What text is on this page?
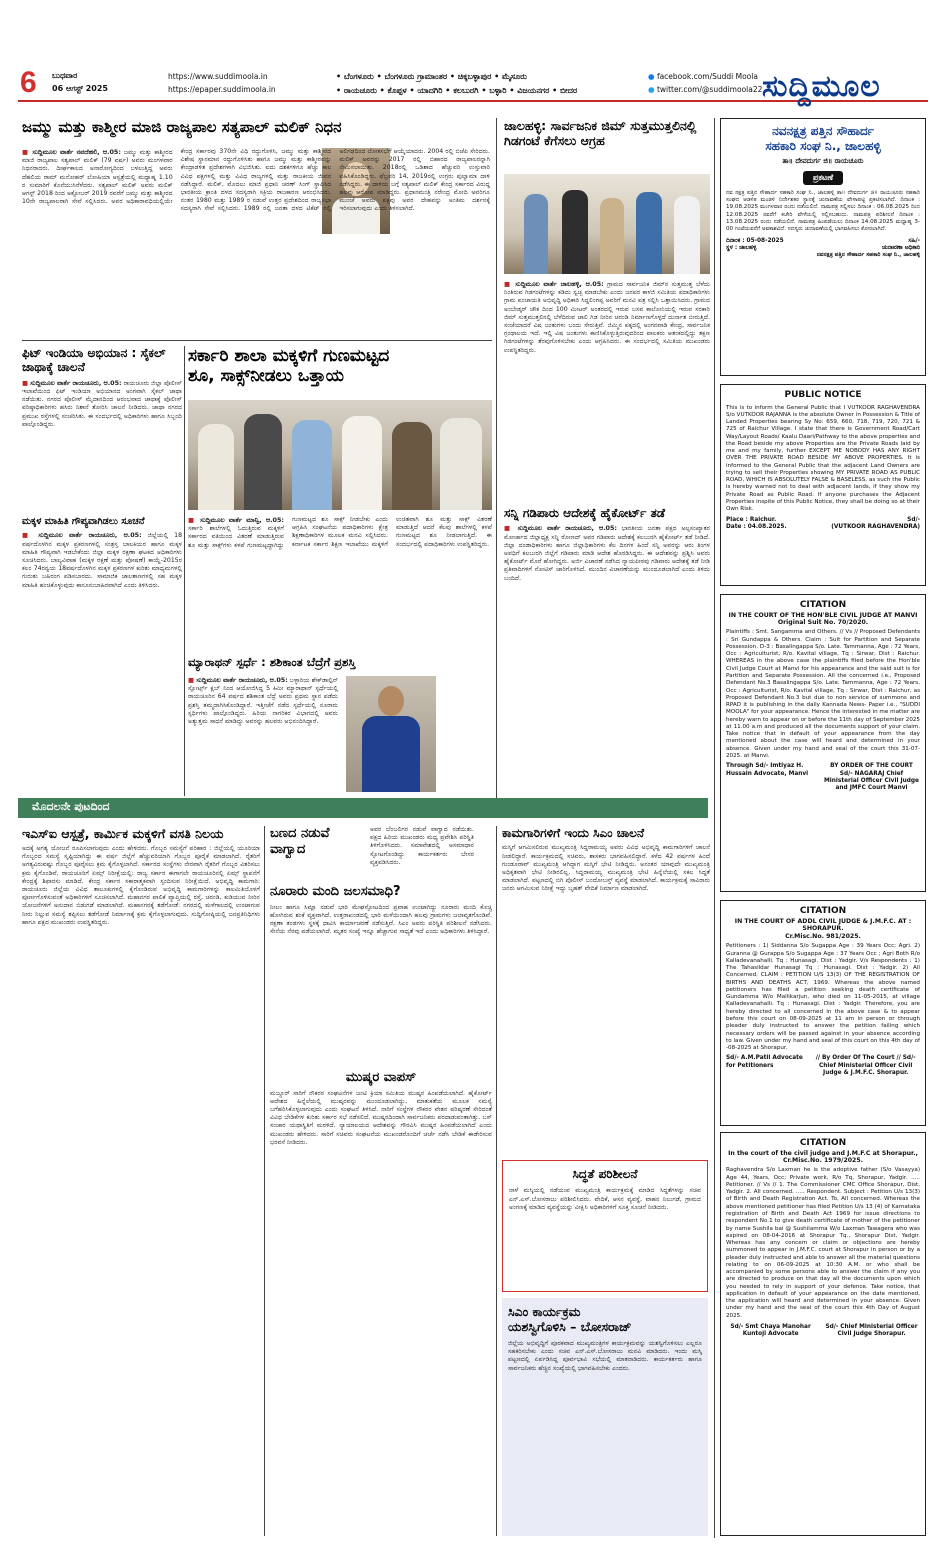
6 ಬುಧವಾರ
06 ಆಗಸ್ಟ್ 2025
https://www.suddimoola.in
https://epaper.suddimoola.in
• ಬೆಂಗಳೂರು • ಬೆಂಗಳೂರು ಗ್ರಾಮಾಂತರ • ಚಿಕ್ಕಬಳ್ಳಾಪುರ • ಮೈಸೂರು
• ರಾಯಚೂರು • ಕೊಪ್ಪಳ • ಯಾದಗಿರಿ • ಕಲಬುರಗಿ • ಬಳ್ಳಾರಿ • ವಿಜಯನಗರ • ಬೀದರ
● facebook.com/Suddi Moola
● twitter.com/@suddimoola22 ಸುದ್ದಿಮೂಲ
ಜಮ್ಮು ಮತ್ತು ಕಾಶ್ಮೀರ ಮಾಜಿ ರಾಜ್ಯಪಾಲ ಸತ್ಯಪಾಲ್ ಮಲಿಕ್ ನಿಧನ
■ ಸುದ್ದಿಮೂಲ ವಾರ್ತೆ ನವದೆಹಲಿ, ಆ.05: ಜಮ್ಮು ಮತ್ತು ಕಾಶ್ಮೀರದ ಮಾಜಿ ರಾಜ್ಯಪಾಲ ಸತ್ಯಪಾಲ್ ಮಲಿಕ್ (79 ವರ್ಷ) ಅವರು ಮಂಗಳವಾರ ನಿಧನರಾದರು. ದೀರ್ಘಕಾಲದ ಅನಾರೋಗ್ಯದಿಂದ ಬಳಲುತ್ತಿದ್ದ ಅವರು ದೆಹಲಿಯ ರಾಮ್ ಮನೋಹರ್ ಲೋಹಿಯಾ ಆಸ್ಪತ್ರೆಯಲ್ಲಿ ಮಧ್ಯಾಹ್ನ 1.10 ರ ಸುಮಾರಿಗೆ ಕೊನೆಯುಸಿರೆಳೆದರು. ಸತ್ಯಪಾಲ್ ಮಲಿಕ್ ಅವರು ಮಲಿಕ್ ಆಗಸ್ಟ್ 2018 ರಿಂದ ಅಕ್ಟೋಬರ್ 2019 ರವರೆಗೆ ಜಮ್ಮು ಮತ್ತು ಕಾಶ್ಮೀರದ 10ನೇ ರಾಜ್ಯಪಾಲರಾಗಿ ಸೇವೆ ಸಲ್ಲಿಸಿದರು. ಅವರ ಅಧಿಕಾರಾವಧಿಯಲ್ಲಿಯೇ ಕೇಂದ್ರ ಸರ್ಕಾರವು 370ನೇ ವಿಧಿ ರದ್ದುಗೊಳಿಸಿ, ಜಮ್ಮು ಮತ್ತು ಕಾಶ್ಮೀರದ ವಿಶೇಷ ಸ್ಥಾನಮಾನ ರದ್ದುಗೊಳಿಸಿತು ಹಾಗೂ ಜಮ್ಮು ಮತ್ತು ಕಾಶ್ಮೀರವನ್ನು ಕೇಂದ್ರಾಡಳಿತ ಪ್ರದೇಶಗಳಾಗಿ ವಿಭಜಿಸಿತು. ಐದು ದಶಕಗಳಿಗೂ ಹೆಚ್ಚು ಕಾಲ ವಿವಿಧ ಪಕ್ಷಗಳಲ್ಲಿ ಮತ್ತು ವಿವಿಧ ರಾಜ್ಯಗಳಲ್ಲಿ ಮತ್ತು ರಾಜಕೀಯ ಜೀವನ ನಡೆಸಿದ್ದಾರೆ. ಮಲಿಕ್, ಮೊದಲು ಮಾಜಿ ಪ್ರಧಾನಿ ಚರಣ್ ಸಿಂಗ್ ಸ್ಥಾಪಿಸಿದ ಭಾರತೀಯ ಕ್ರಾಂತಿ ದಳದ ಸದಸ್ಯರಾಗಿ ಸಕ್ರಿಯ ರಾಜಕಾರಣ ಆರಂಭಿಸಿದರು. ನಂತರ 1980 ಮತ್ತು 1989 ರ ನಡುವೆ ಉತ್ತರ ಪ್ರದೇಶದಿಂದ ರಾಜ್ಯಸಭಾ ಸದಸ್ಯರಾಗಿ ಸೇವೆ ಸಲ್ಲಿಸಿದರು. 1989 ರಲ್ಲಿ ಜನತಾ ದಳದ ಟಿಕೆಟ್ ನಲ್ಲಿ ಅಲಿಗಢದಿಂದ ಲೋಕಸಭೆಗೆ ಆಯ್ಕೆಯಾದರು. 2004 ರಲ್ಲಿ ಬಿಜೆಪಿ ಸೇರಿದರು. ಮಲಿಕ್ ಅವರನ್ನು 2017 ರಲ್ಲಿ ಬಿಹಾರದ ರಾಜ್ಯಪಾಲರನ್ನಾಗಿ ನೇಮಿಸಲಾಯಿತು. 2018ರಲ್ಲಿ ಒಡಿಶಾದ ಹೆಚ್ಚುವರಿ ಉಸ್ತುವಾರಿ ವಹಿಸಿಕೊಂಡಿದ್ದರು. ಫೆಬ್ರವರಿ 14, 2019ರಲ್ಲಿ ಉಗ್ರರು ಪುಲ್ವಾಮಾ ದಾಳಿ ನಡೆಸಿದ್ದರು. ಈ ದಾಳಿಯ ಬಗ್ಗೆ ಸತ್ಯಪಾಲ್ ಮಲಿಕ್ ಕೇಂದ್ರ ಸರ್ಕಾರದ ವಿರುದ್ಧ ಹಲವು ಆರೋಪ ಮಾಡಿದ್ದರು. ಪ್ರಧಾನಮಂತ್ರಿ ನರೇಂದ್ರ ಮೋದಿ ಅವರಿಗೂ ಮುಂಚೆ ಅವರು ಪಕ್ಷವು ಅವರ ದೇಹವನ್ನು ಅಂತಿಮ ದರ್ಶನಕ್ಕೆ ಇರಿಸಲಾಗುವುದು ಎಂದು ತಿಳಿಸಲಾಗಿದೆ.
ಜಾಲಹಳ್ಳಿ: ಸಾರ್ವಜನಿಕ ಜಿಮ್ ಸುತ್ತಮುತ್ತಲಿನಲ್ಲಿ ಗಿಡಗಂಟೆ ಕೆಗೆಸಲು ಆಗ್ರಹ
■ ಸುದ್ದಿಮೂಲ ವಾರ್ತೆ ಜಾಲಹಳ್ಳಿ, ಆ.05: ಗ್ರಾಮದ ಸಾರ್ವಜನಿಕ ಜಿಮ್‌ನ ಸುತ್ತಮುತ್ತ ಬೆಳೆದು ನಿಂತಿರುವ ಗಿಡಗಂಟೆಗಳನ್ನು ಕಡಿದು ಸ್ವಚ್ಛ ಮಾಡಬೇಕು ಎಂದು ಜನಪರ ಕಾಳಜಿ ಸಮಿತಿಯ ಪದಾಧಿಕಾರಿಗಳು ಗ್ರಾಮ ಪಂಚಾಯತಿ ಅಭಿವೃದ್ಧಿ ಅಧಿಕಾರಿ ಸಿದ್ದಲಿಂಗಪ್ಪ ಅವರಿಗೆ ಮನವಿ ಪತ್ರ ಸಲ್ಲಿಸಿ ಒತ್ತಾಯಿಸಿದರು. ಗ್ರಾಮದ ಅಂಬೇಡ್ಕರ್ ಚೌಕ ದಿಂದ 100 ಮೀಟರ್ ಅಂತರದಲ್ಲಿ ಇರುವ ಬಸವ ಕಾಲೋನಿಯಲ್ಲಿ ಇರುವ ಸರಕಾರಿ ಜಿಮ್ ಸುತ್ತಮುತ್ತಲಿನಲ್ಲಿ ಬೆಳೆದಿರುವ ಜಾಲಿ ಗಿಡ ನೀರಿನ ಚರಂಡಿ ನಿರ್ಮಾಣಗೊಳ್ಳದೆ ದುರ್ನಾತ ಬೀರುತ್ತಿದೆ. ಸಂಜೆಯಾದರೆ ವಿಷ ಜಂತುಗಳು ಬಂದು ಸೇರುತ್ತಿವೆ. ಜಿಮ್ಮಿನ ಪಕ್ಕದಲ್ಲಿ ಅಂಗನವಾಡಿ ಕೇಂದ್ರ, ಸಾರ್ವಜನಿಕ ಗ್ರಂಥಾಲಯ ಇದೆ. ಇಲ್ಲಿ ವಿಷ ಜಂತುಗಳು ಕಾಣಿಸಿಕೊಳ್ಳುತ್ತಿರುವುದರಿಂದ ಪಾಲಕರು ಆತಂಕದಲ್ಲಿದ್ದು ತಕ್ಷಣ ಗಿಡಗಂಟೆಗಳನ್ನು ತೆರವುಗೊಳಿಸಬೇಕು ಎಂದು ಆಗ್ರಹಿಸಿದರು. ಈ ಸಂದರ್ಭದಲ್ಲಿ ಸಮಿತಿಯ ಮುಖಂಡರು ಉಪಸ್ಥಿತರಿದ್ದರು.
ಫಿಟ್ ಇಂಡಿಯಾ ಅಭಿಯಾನ : ಸೈಕಲ್ ಜಾಥಾಕ್ಕೆ ಚಾಲನೆ
■ ಸುದ್ದಿಮೂಲ ವಾರ್ತೆ ರಾಯಚೂರು, ಆ.05: ರಾಯಚೂರು ಜಿಲ್ಲಾ ಪೊಲೀಸ್ ಇಲಾಖೆಯಿಂದ ಫಿಟ್ ಇಂಡಿಯಾ ಅಭಿಯಾನದ ಅಂಗವಾಗಿ ಸೈಕಲ್ ಜಾಥಾ ನಡೆಯಿತು. ನಗರದ ಪೊಲೀಸ್ ಮೈದಾನದಿಂದ ಆರಂಭವಾದ ಜಾಥಾಕ್ಕೆ ಪೊಲೀಸ್ ವರಿಷ್ಠಾಧಿಕಾರಿಗಳು ಹಸಿರು ನಿಶಾನೆ ತೋರಿಸಿ ಚಾಲನೆ ನೀಡಿದರು. ಜಾಥಾ ನಗರದ ಪ್ರಮುಖ ರಸ್ತೆಗಳಲ್ಲಿ ಸಂಚರಿಸಿತು. ಈ ಸಂದರ್ಭದಲ್ಲಿ ಅಧಿಕಾರಿಗಳು ಹಾಗೂ ಸಿಬ್ಬಂದಿ ಪಾಲ್ಗೊಂಡಿದ್ದರು.
ಸರ್ಕಾರಿ ಶಾಲಾ ಮಕ್ಕಳಿಗೆ ಗುಣಮಟ್ಟದ
ಶೂ, ಸಾಕ್ಸ್‌ನೀಡಲು ಒತ್ತಾಯ
■ ಸುದ್ದಿಮೂಲ ವಾರ್ತೆ ಮಾನ್ವಿ, ಆ.05: ಸರ್ಕಾರಿ ಶಾಲೆಗಳಲ್ಲಿ ಓದುತ್ತಿರುವ ಮಕ್ಕಳಿಗೆ ಸರ್ಕಾರದ ವತಿಯಿಂದ ವಿತರಣೆ ಮಾಡುತ್ತಿರುವ ಶೂ ಮತ್ತು ಸಾಕ್ಸ್‌ಗಳು ಕಳಪೆ ಗುಣಮಟ್ಟದ್ದಾಗಿದ್ದು ಗುಣಮಟ್ಟದ ಶೂ ಸಾಕ್ಸ್ ನೀಡಬೇಕು ಎಂದು ಆಗ್ರಹಿಸಿ ಸಂಘಟನೆಯ ಪದಾಧಿಕಾರಿಗಳು ಕ್ಷೇತ್ರ ಶಿಕ್ಷಣಾಧಿಕಾರಿಗಳ ಮೂಲಕ ಮನವಿ ಸಲ್ಲಿಸಿದರು. ಕರ್ನಾಟಕ ಸರ್ಕಾರ ಶಿಕ್ಷಣ ಇಲಾಖೆಯು ಮಕ್ಕಳಿಗೆ ಉಚಿತವಾಗಿ ಶೂ ಮತ್ತು ಸಾಕ್ಸ್ ವಿತರಣೆ ಮಾಡುತ್ತಿದೆ ಆದರೆ ಕೆಲವು ಶಾಲೆಗಳಲ್ಲಿ ಕಳಪೆ ಗುಣಮಟ್ಟದ ಶೂ ನೀಡಲಾಗುತ್ತಿದೆ. ಈ ಸಂದರ್ಭದಲ್ಲಿ ಪದಾಧಿಕಾರಿಗಳು ಉಪಸ್ಥಿತರಿದ್ದರು.
ಮಕ್ಕಳ ಮಾಹಿತಿ ಗೌಪ್ಯವಾಗಿಡಲು ಸೂಚನೆ
■ ಸುದ್ದಿಮೂಲ ವಾರ್ತೆ ರಾಯಚೂರು, ಆ.05: ಜಿಲ್ಲೆಯಲ್ಲಿ 18 ವರ್ಷದೊಳಗಿನ ಮಕ್ಕಳ ಪ್ರಕರಣಗಳಲ್ಲಿ ಸಂತ್ರಸ್ತ ಬಾಲಕಿಯರ ಹಾಗೂ ಮಕ್ಕಳ ಮಾಹಿತಿ ಗೌಪ್ಯವಾಗಿ ಇಡಬೇಕೆಂದು ಜಿಲ್ಲಾ ಮಕ್ಕಳ ರಕ್ಷಣಾ ಘಟಕದ ಅಧಿಕಾರಿಗಳು ಸೂಚಿಸಿದರು. ಬಾಲ್ಯವಿವಾಹ (ಮಕ್ಕಳ ರಕ್ಷಣೆ ಮತ್ತು ಪೋಷಣೆ) ಕಾಯ್ದೆ-2015ರ ಕಲಂ 74ರನ್ವಯ 18ವರ್ಷದೊಳಗಿನ ಮಕ್ಕಳ ಪ್ರಕರಣಗಳ ಕುರಿತು ಮಾಧ್ಯಮಗಳಲ್ಲಿ ಗುರುತು ಬಹಿರಂಗ ಪಡಿಸಬಾರದು. ಸಾಮಾಜಿಕ ಜಾಲತಾಣಗಳಲ್ಲಿ ಸಹ ಮಕ್ಕಳ ಮಾಹಿತಿ ಹಂಚಿಕೊಳ್ಳುವುದು ಕಾನೂನುಬಾಹಿರವಾಗಿದೆ ಎಂದು ತಿಳಿಸಿದರು.
ಮ್ಯಾರಾಥನ್ ಸ್ಪರ್ಧೆ : ಶಶಿಕಾಂತ ಬೆದ್ರೆಗೆ ಪ್ರಶಸ್ತಿ
■ ಸುದ್ದಿಮೂಲ ವಾರ್ತೆ ರಾಯಚೂರು, ಆ.05: ಬಳ್ಳಾರಿಯ ಶೇಕ್‌ಡಾಲ್ಫಿನ್ ಸ್ಪೋರ್ಟ್ಸ್ ಕ್ಲಬ್ ನಿಂದ ಆಯೋಜಿಸಿದ್ದ 5 ಕಿಮೀ ಮ್ಯಾರಾಥಾನ್ ಸ್ಪರ್ಧೆಯಲ್ಲಿ ರಾಯಚೂರಿನ 64 ವರ್ಷದ ಶಶಿಕಾಂತ ಬೆದ್ರೆ ಅವರು ಪ್ರಥಮ ಸ್ಥಾನ ಪಡೆದು ಪ್ರಶಸ್ತಿ ತಮ್ಮದಾಗಿಸಿಕೊಂಡಿದ್ದಾರೆ. ಇತ್ತೀಚೆಗೆ ನಡೆದ ಸ್ಪರ್ಧೆಯಲ್ಲಿ ನೂರಾರು ಸ್ಪರ್ಧಿಗಳು ಪಾಲ್ಗೊಂಡಿದ್ದರು. ಹಿರಿಯ ನಾಗರಿಕರ ವಿಭಾಗದಲ್ಲಿ ಅವರು ಅತ್ಯುತ್ತಮ ಸಾಧನೆ ಮಾಡಿದ್ದು ಅವರನ್ನು ಹಲವರು ಅಭಿನಂದಿಸಿದ್ದಾರೆ.
ಸನ್ನಿ ಗಡಿಪಾರು ಆದೇಶಕ್ಕೆ ಹೈಕೋರ್ಟ್ ತಡೆ
■ ಸುದ್ದಿಮೂಲ ವಾರ್ತೆ ರಾಯಚೂರು, ಆ.05: ಭಾರತೀಯ ಜನತಾ ಪಕ್ಷದ ಅಲ್ಪಸಂಖ್ಯಾತರ ಮೋರ್ಚಾದ ಜಿಲ್ಲಾಧ್ಯಕ್ಷ ಸನ್ನಿ ರೋಣದ್ ಅವರ ಗಡಿಪಾರು ಆದೇಶಕ್ಕೆ ಕಲಬುರಗಿ ಹೈಕೋರ್ಟ್ ತಡೆ ನೀಡಿದೆ. ಜಿಲ್ಲಾ ದಂಡಾಧಿಕಾರಿಗಳು ಹಾಗೂ ಜಿಲ್ಲಾಧಿಕಾರಿಗಳು ಕೆಲ ದಿನಗಳ ಹಿಂದೆ ಸನ್ನಿ ಅವರನ್ನು ಆರು ತಿಂಗಳ ಅವಧಿಗೆ ಕಲಬುರಗಿ ಜಿಲ್ಲೆಗೆ ಗಡಿಪಾರು ಮಾಡಿ ಆದೇಶ ಹೊರಡಿಸಿದ್ದರು. ಈ ಆದೇಶವನ್ನು ಪ್ರಶ್ನಿಸಿ ಅವರು ಹೈಕೋರ್ಟ್ ಮೊರೆ ಹೋಗಿದ್ದರು. ಅರ್ಜಿ ವಿಚಾರಣೆ ನಡೆಸಿದ ನ್ಯಾಯಪೀಠವು ಗಡಿಪಾರು ಆದೇಶಕ್ಕೆ ತಡೆ ನೀಡಿ ಪ್ರತಿವಾದಿಗಳಿಗೆ ನೋಟಿಸ್ ಜಾರಿಗೊಳಿಸಿದೆ. ಮುಂದಿನ ವಿಚಾರಣೆಯನ್ನು ಮುಂದೂಡಲಾಗಿದೆ ಎಂದು ತಿಳಿದು ಬಂದಿದೆ.
ಮೊದಲನೇ ಪುಟದಿಂದ
ಇಎಸ್‌ಐ ಆಸ್ಪತ್ರೆ, ಕಾರ್ಮಿಕ ಮಕ್ಕಳಿಗೆ ವಸತಿ ನಿಲಯ
ಅದಕ್ಕೆ ಅಗತ್ಯ ಯೋಜನೆ ರೂಪಿಸಲಾಗುವುದು ಎಂದು ಹೇಳಿದರು. ಗೊಬ್ಬರ ಸಮಸ್ಯೆಗೆ ಪರಿಹಾರ : ಜಿಲ್ಲೆಯಲ್ಲಿ ಯೂರಿಯಾ ಗೊಬ್ಬರದ ಸಮಸ್ಯೆ ಸೃಷ್ಟಿಯಾಗಿದ್ದು ಈ ವರ್ಷ ಜಿಲ್ಲೆಗೆ ಹೆಚ್ಚುವರಿಯಾಗಿ ಗೊಬ್ಬರ ಪೂರೈಕೆ ಮಾಡಲಾಗಿದೆ. ರೈತರಿಗೆ ಅಗತ್ಯವಿರುವಷ್ಟು ಗೊಬ್ಬರ ಪೂರೈಸಲು ಕ್ರಮ ಕೈಗೊಳ್ಳಲಾಗಿದೆ. ಸರ್ಕಾರದ ಸಂಸ್ಥೆಗಳು ನೇರವಾಗಿ ರೈತರಿಗೆ ಗೊಬ್ಬರ ವಿತರಿಸಲು ಕ್ರಮ ಕೈಗೊಂಡಿವೆ. ರಾಯಚೂರಿಗೆ ಏಮ್ಸ್ ನಿರೀಕ್ಷೆಯಲ್ಲಿ: ರಾಜ್ಯ ಸರ್ಕಾರ ಈಗಾಗಲೇ ರಾಯಚೂರಿನಲ್ಲಿ ಏಮ್ಸ್ ಸ್ಥಾಪನೆಗೆ ಕೇಂದ್ರಕ್ಕೆ ಶಿಫಾರಸು ಮಾಡಿದೆ. ಕೇಂದ್ರ ಸರ್ಕಾರ ಸಕಾರಾತ್ಮಕವಾಗಿ ಸ್ಪಂದಿಸುವ ನಿರೀಕ್ಷೆಯಿದೆ. ಅಭಿವೃದ್ಧಿ ಕಾಮಗಾರಿ: ರಾಯಚೂರು ಜಿಲ್ಲೆಯ ವಿವಿಧ ತಾಲೂಕುಗಳಲ್ಲಿ ಕೈಗೊಂಡಿರುವ ಅಭಿವೃದ್ಧಿ ಕಾಮಗಾರಿಗಳನ್ನು ಕಾಲಮಿತಿಯೊಳಗೆ ಪೂರ್ಣಗೊಳಿಸುವಂತೆ ಅಧಿಕಾರಿಗಳಿಗೆ ಸೂಚಿಸಲಾಗಿದೆ. ಮಹಾನಗರ ಪಾಲಿಕೆ ವ್ಯಾಪ್ತಿಯಲ್ಲಿ ರಸ್ತೆ, ಚರಂಡಿ, ಕುಡಿಯುವ ನೀರಿನ ಯೋಜನೆಗಳಿಗೆ ಅನುದಾನ ಬಿಡುಗಡೆ ಮಾಡಲಾಗಿದೆ. ಮಹಾನಗರಕ್ಕೆ ತಡೆಗೋಡೆ: ನಗರದಲ್ಲಿ ಮಳೆಗಾಲದಲ್ಲಿ ಉಂಟಾಗುವ ನೀರು ನಿಲ್ಲುವ ಸಮಸ್ಯೆ ತಪ್ಪಿಸಲು ತಡೆಗೋಡೆ ನಿರ್ಮಾಣಕ್ಕೆ ಕ್ರಮ ಕೈಗೊಳ್ಳಲಾಗುವುದು. ಸುದ್ದಿಗೋಷ್ಠಿಯಲ್ಲಿ ಜನಪ್ರತಿನಿಧಿಗಳು ಹಾಗೂ ಪಕ್ಷದ ಮುಖಂಡರು ಉಪಸ್ಥಿತರಿದ್ದರು.
ಬಣದ ನಡುವೆ ವಾಗ್ವಾದ
ಅವರ ಬೆಂಬಲಿಗರ ನಡುವೆ ವಾಗ್ವಾದ ನಡೆಯಿತು. ಪಕ್ಷದ ಹಿರಿಯ ಮುಖಂಡರು ಮಧ್ಯ ಪ್ರವೇಶಿಸಿ ಪರಿಸ್ಥಿತಿ ತಿಳಿಗೊಳಿಸಿದರು. ಸಮಾವೇಶದಲ್ಲಿ ಅಸಮಾಧಾನ ಸ್ಫೋಟಗೊಂಡಿದ್ದು ಕಾರ್ಯಕರ್ತರು ಬೇಸರ ವ್ಯಕ್ತಪಡಿಸಿದರು.
ನೂರಾರು ಮಂದಿ ಜಲಸಮಾಧಿ?
ನೀಲಂ ಹಾಗೂ ಸಿಮ್ಲಾ ನಡುವೆ ಭಾರಿ ಮೇಘಸ್ಫೋಟದಿಂದ ಪ್ರವಾಹ ಉಂಟಾಗಿದ್ದು ನೂರಾರು ಮಂದಿ ಕೊಚ್ಚಿ ಹೋಗಿರುವ ಶಂಕೆ ವ್ಯಕ್ತವಾಗಿದೆ. ಉತ್ತರಾಖಂಡದಲ್ಲಿ ಭಾರಿ ಮಳೆಯಿಂದಾಗಿ ಹಲವು ಗ್ರಾಮಗಳು ಜಲಾವೃತಗೊಂಡಿವೆ. ರಕ್ಷಣಾ ತಂಡಗಳು ಸ್ಥಳಕ್ಕೆ ಧಾವಿಸಿ ಕಾರ್ಯಾಚರಣೆ ನಡೆಸುತ್ತಿವೆ. ಸಿಎಂ ಅವರು ಪರಿಸ್ಥಿತಿ ಪರಿಶೀಲನೆ ನಡೆಸಿದರು. ಸೇನೆಯ ನೆರವು ಪಡೆಯಲಾಗಿದೆ. ಮೃತರ ಸಂಖ್ಯೆ ಇನ್ನೂ ಹೆಚ್ಚಾಗುವ ಸಾಧ್ಯತೆ ಇದೆ ಎಂದು ಅಧಿಕಾರಿಗಳು ತಿಳಿಸಿದ್ದಾರೆ.
ಮುಷ್ಕರ ವಾಪಸ್
ಮಜ್ದೂರ್ ಸಾರಿಗೆ ನೌಕರರ ಸಂಘಟನೆಗಳ ಜಂಟಿ ಕ್ರಿಯಾ ಸಮಿತಿಯ ಮುಷ್ಕರ ಹಿಂಪಡೆಯಲಾಗಿದೆ. ಹೈಕೋರ್ಟ್ ಆದೇಶದ ಹಿನ್ನೆಲೆಯಲ್ಲಿ ಮುಷ್ಕರವನ್ನು ಮುಂದೂಡಲಾಗಿದ್ದು, ಮಾತುಕತೆಯ ಮೂಲಕ ಸಮಸ್ಯೆ ಬಗೆಹರಿಸಿಕೊಳ್ಳಲಾಗುವುದು ಎಂದು ಸಂಘಟನೆ ತಿಳಿಸಿದೆ. ನಾರಿಗೆ ಸಂಸ್ಥೆಗಳ ನೌಕರರ ವೇತನ ಪರಿಷ್ಕರಣೆ ಸೇರಿದಂತೆ ವಿವಿಧ ಬೇಡಿಕೆಗಳ ಕುರಿತು ಸರ್ಕಾರ ಸಭೆ ನಡೆಸಲಿದೆ. ಮುಷ್ಕರದಿಂದಾಗಿ ಸಾರ್ವಜನಿಕರು ಪರದಾಡುವಂತಾಗಿತ್ತು. ಬಸ್ ಸಂಚಾರ ಯಥಾಸ್ಥಿತಿಗೆ ಮರಳಿದೆ. ನ್ಯಾಯಾಲಯದ ಆದೇಶವನ್ನು ಗೌರವಿಸಿ ಮುಷ್ಕರ ಹಿಂಪಡೆಯಲಾಗಿದೆ ಎಂದು ಮುಖಂಡರು ಹೇಳಿದರು. ಸಾರಿಗೆ ಸಚಿವರು ಸಂಘಟನೆಯ ಮುಖಂಡರೊಂದಿಗೆ ಚರ್ಚೆ ನಡೆಸಿ ಬೇಡಿಕೆ ಈಡೇರಿಸುವ ಭರವಸೆ ನೀಡಿದರು.
ಕಾಮಗಾರಿಗಳಿಗೆ ಇಂದು ಸಿಎಂ ಚಾಲನೆ
ಮಸ್ಕಿಗೆ ಆಗಮಿಸಲಿರುವ ಮುಖ್ಯಮಂತ್ರಿ ಸಿದ್ದರಾಮಯ್ಯ ಅವರು ವಿವಿಧ ಅಭಿವೃದ್ಧಿ ಕಾಮಗಾರಿಗಳಿಗೆ ಚಾಲನೆ ನೀಡಲಿದ್ದಾರೆ. ಕಾರ್ಯಕ್ರಮದಲ್ಲಿ ಸಚಿವರು, ಶಾಸಕರು ಭಾಗವಹಿಸಲಿದ್ದಾರೆ. ಕಳೆದ 42 ವರ್ಷಗಳ ಹಿಂದೆ ಗುಂಡೂರಾವ್ ಮುಖ್ಯಮಂತ್ರಿ ಆಗಿದ್ದಾಗ ಮಸ್ಕಿಗೆ ಭೇಟಿ ನೀಡಿದ್ದರು. ಅನಂತರ ಯಾವುದೇ ಮುಖ್ಯಮಂತ್ರಿ ಅಧಿಕೃತವಾಗಿ ಭೇಟಿ ನೀಡಿರಲಿಲ್ಲ. ಸಿದ್ದರಾಮಯ್ಯ ಮುಖ್ಯಮಂತ್ರಿ ಭೇಟಿ ಹಿನ್ನೆಲೆಯಲ್ಲಿ ಸಕಲ ಸಿದ್ಧತೆ ಮಾಡಲಾಗಿದೆ. ಪಟ್ಟಣದಲ್ಲಿ ಬಿಗಿ ಪೊಲೀಸ್ ಬಂದೋಬಸ್ತ್ ವ್ಯವಸ್ಥೆ ಮಾಡಲಾಗಿದೆ. ಕಾರ್ಯಕ್ರಮಕ್ಕೆ ಸಾವಿರಾರು ಜನರು ಆಗಮಿಸುವ ನಿರೀಕ್ಷೆ ಇದ್ದು ಬೃಹತ್ ವೇದಿಕೆ ನಿರ್ಮಾಣ ಮಾಡಲಾಗಿದೆ.
ಸಿದ್ಧತೆ ಪರಿಶೀಲನೆ
ನಾಳೆ ಮಸ್ಕಿಯಲ್ಲಿ ನಡೆಯುವ ಮುಖ್ಯಮಂತ್ರಿ ಕಾರ್ಯಕ್ರಮಕ್ಕೆ ಮಾಡಿದ ಸಿದ್ಧತೆಗಳನ್ನು ಸಚಿವ ಎನ್.ಎಸ್.ಬೋಸರಾಜು ಪರಿಶೀಲಿಸಿದರು. ವೇದಿಕೆ, ಆಸನ ವ್ಯವಸ್ಥೆ, ವಾಹನ ನಿಲುಗಡೆ, ಗ್ರಾಮದ ಅಂಗಣಕ್ಕೆ ಮಾಡಿದ ವ್ಯವಸ್ಥೆಯನ್ನು ವೀಕ್ಷಿಸಿ ಅಧಿಕಾರಿಗಳಿಗೆ ಸೂಕ್ತ ಸೂಚನೆ ನೀಡಿದರು.
ಸಿಎಂ ಕಾರ್ಯಕ್ರಮ
ಯಶಸ್ವಿಗೊಳಿಸಿ – ಬೋಸರಾಜ್
ಜಿಲ್ಲೆಯ ಅಭಿವೃದ್ಧಿಗೆ ಪೂರಕವಾದ ಮುಖ್ಯಮಂತ್ರಿಗಳ ಕಾರ್ಯಕ್ರಮವನ್ನು ಯಶಸ್ವಿಗೊಳಿಸಲು ಎಲ್ಲರೂ ಸಹಕರಿಸಬೇಕು ಎಂದು ಸಚಿವ ಎನ್.ಎಸ್.ಬೋಸರಾಜು ಮನವಿ ಮಾಡಿದರು. ಇಂದು ಮಸ್ಕಿ ಪಟ್ಟಣದಲ್ಲಿ ಏರ್ಪಡಿಸಿದ್ದ ಪೂರ್ವಭಾವಿ ಸಭೆಯಲ್ಲಿ ಮಾತನಾಡಿದರು. ಕಾರ್ಯಕರ್ತರು ಹಾಗೂ ಸಾರ್ವಜನಿಕರು ಹೆಚ್ಚಿನ ಸಂಖ್ಯೆಯಲ್ಲಿ ಭಾಗವಹಿಸಬೇಕು ಎಂದರು.
ನವನಕ್ಷತ್ರ ಪತ್ತಿನ ಸೌಹಾರ್ದ
ಸಹಕಾರಿ ಸಂಘ ನಿ., ಜಾಲಹಳ್ಳಿ
ತಾ॥ ದೇವದುರ್ಗ ಜಿ॥ ರಾಯಚೂರು
ಪ್ರಕಟಣೆ
ನವ ನಕ್ಷತ್ರ ಪತ್ತಿನ ಸೌಹಾರ್ದ ಸಹಕಾರಿ ಸಂಘ ನಿ., ಜಾಲಹಳ್ಳಿ ತಾ॥ ದೇವದುರ್ಗ ಜಿ॥ ರಾಯಚೂರು ಸಹಕಾರಿ ಸಂಘದ ಆಡಳಿತ ಮಂಡಳಿ ನಿರ್ದೇಶಕರ ಸ್ಥಾನಕ್ಕೆ ಚುನಾವಣೆಯ ವೇಳಾಪಟ್ಟಿ ಪ್ರಕಟಿಸಲಾಗಿದೆ. ದಿನಾಂಕ : 19.08.2025 ಮಂಗಳವಾರ ರಂದು ನಡೆಯಲಿದೆ. ನಾಮಪತ್ರ ಸಲ್ಲಿಸಲು ದಿನಾಂಕ : 06.08.2025 ರಿಂದ 12.08.2025 ರವರೆಗೆ ಕಚೇರಿ ವೇಳೆಯಲ್ಲಿ ಸಲ್ಲಿಸಬಹುದು. ನಾಮಪತ್ರ ಪರಿಶೀಲನೆ ದಿನಾಂಕ : 13.08.2025 ರಂದು ನಡೆಯಲಿದೆ. ನಾಮಪತ್ರ ಹಿಂಪಡೆಯಲು ದಿನಾಂಕ 14.08.2025 ಮಧ್ಯಾಹ್ನ 3-00 ಗಂಟೆಯವರೆಗೆ ಅವಕಾಶವಿದೆ. ಸದಸ್ಯರು ಚುನಾವಣೆಯಲ್ಲಿ ಭಾಗವಹಿಸಲು ಕೋರಲಾಗಿದೆ.
ದಿನಾಂಕ : 05-08-2025	ಸಹಿ/-
ಸ್ಥಳ : ಜಾಲಹಳ್ಳಿ	ಚುನಾವಣಾ ಅಧಿಕಾರಿ
ನವನಕ್ಷತ್ರ ಪತ್ತಿನ ಸೌಹಾರ್ದ ಸಹಕಾರಿ ಸಂಘ ನಿ., ಜಾಲಹಳ್ಳಿ
PUBLIC NOTICE
This is to inform the General Public that I VUTKOOR RAGHAVENDRA S/o VUTKOOR RAJANNA is the absolute Owner in Possession & Title of Landed Properties bearing Sy No: 659, 660, 718, 719, 720, 721 & 725 of Raichur Village. I state that there is Government Road/Cart Way/Layout Roads/ Kaalu Daari/Pathway to the above properties and the Road beside my above Properties are the Private Roads laid by me and my family, further EXCEPT ME NOBODY HAS ANY RIGHT OVER THE PRIVATE ROAD BESIDE MY ABOVE PROPERTIES. It is informed to the General Public that the adjacent Land Owners are trying to sell their Properties showing MY PRIVATE ROAD AS PUBLIC ROAD, WHICH IS ABSOLUTELY FALSE & BASELESS, as such the Public is hereby warned not to deal with adjacent lands, if they show my Private Road as Public Road. If anyone purchases the Adjacent Properties inspite of this Public Notice, they shall be doing so at their Own Risk.
Place : Raichur.	Sd/-
Date : 04.08.2025.	(VUTKOOR RAGHAVENDRA)
CITATION
IN THE COURT OF THE HON'BLE CIVIL JUDGE AT MANVI
Original Suit No. 70/2020.
Plaintiffs : Smt. Sangamma and Others. // Vs // Proposed Defendants : Sri Gundappa & Others. Claim : Suit for Partition and Separate Possession. D-3 : Basalingappa S/o. Late. Tammanna, Age : 72 Years, Occ : Agriculturist, R/o. Kavital village, Tq : Sirwar, Dist : Raichur. WHEREAS in the above case the plaintiffs filed before the Hon'ble Civil Judge Court at Manvi for his appearance and the said suit is for Partition and Separate Possession. All the concerned i.e., Proposed Defendant No.3 Basalingappa S/o. Late. Tammanna, Age : 72 Years, Occ : Agriculturist, R/o. Kavital village, Tq : Sirwar, Dist : Raichur, as Proposed Defendant No.3 but due to non service of summons and RPAD it is publishing in the daily Kannada News- Paper i.e., "SUDDI MOOLA" for your appearance. Hence the interested in me matter are hereby warn to appear on or before the 11th day of September 2025 at 11.00 a.m and produced all the documents support of your claim. Take notice that in default of your appearance from the day mentioned about the case will heard and determined in your absence. Given under my hand and seal of the court this 31-07-2025. at Manvi.
Through Sd/- Imtiyaz H. Hussain Advocate, Manvi
BY ORDER OF THE COURT Sd/- NAGARAJ Chief Ministerial Officer Civil Judge and JMFC Court Manvi
CITATION
IN THE COURT OF ADDL CIVIL JUDGE & J.M.F.C. AT : SHORAPUR.
Cr.Misc.No. 981/2025.
Petitioners : 1) Siddanna S/o Sugappa Age : 39 Years Occ; Agri. 2) Guranna @ Gurappa S/o Sugappa Age : 37 Years Occ ; Agri Both R/o Kalladevanahalli. Tq : Hunasagi. Dist : Yadgir. V/s Respondents : 1) The Tahasildar Hunasagi Tq : Hunasagi. Dist : Yadgir. 2) All Concerned. CLAIM : PETITION U/S 13(3) OF THE REGISTRATION OF BIRTHS AND DEATHS ACT, 1969. Whereas the above named petitioners has filed a petition seeking death certificate of Gundamma W/o Mallikarjun, who died on 11-05-2015, at village Kalladevanahalli. Tq : Hunasagi. Dist : Yadgir. Therefore, you are hereby directed to all concerned in the above case & to appear before this court on 08-09-2025 at 11 am in person or through pleader duly instructed to answer the petition failing which necessary orders will be passed against in your absence according to law. Given under my hand and seal of this court on this 4th day of -08-2025 at Shorapur.
Sd/- A.M.Patil Advocate for Petitioners
// By Order Of The Court // Sd/- Chief Ministerial Officer Civil Judge & J.M.F.C. Shorapur.
CITATION
In the court of the civil judge and J.M.F.C at Shorapur.,
Cr.Misc.No. 1979/2025.
Raghavendra S/o Laxman he is the adoptive father (S/o Vasayya) Age 44, Years, Occ; Private work, R/o Tq, Shorapur, Yadgir. ..... Petitioner. // Vs // 1. The Commissioner CMC Office Shorapur, Dist, Yadgir. 2. All concerned. ..... Respondent. Subject : Petition U/s 13(3) of Birth and Death Registration Act. To, All concerned. Whereas the above mentioned petitioner has filed Petition U/s 13 (4) of Karnataka registration of Birth and Death Act 1969 for issue directions to respondent No.1 to give death certificate of mother of the petitioner by name Sushila bai @ Sushilamma W/o Laxman Tawagera who was expired on 08-04-2016 at Shorapur Tq., Shorapur Dist, Yadgir. Whereas has any concern or claim or objections are hereby summoned to appear in J.M.F.C. court at Shorapur in person or by a pleader duly instructed and able to answer all the material questions relating to on 06-09-2025 at 10:30 A.M. or who shall be accompanied by some persons able to answer the claim if any you are directed to produce on that day all the documents upon which you needed to rely in support of your defence. Take notice, that application in default of your appearance on the date mentioned, the application will heard and determined in your absence. Given under my hand and the seal of the court this 4th Day of August 2025.
Sd/- Smt Chaya Manohar Kuntoji Advocate
Sd/- Chief Ministerial Officer Civil Judge Shorapur.
